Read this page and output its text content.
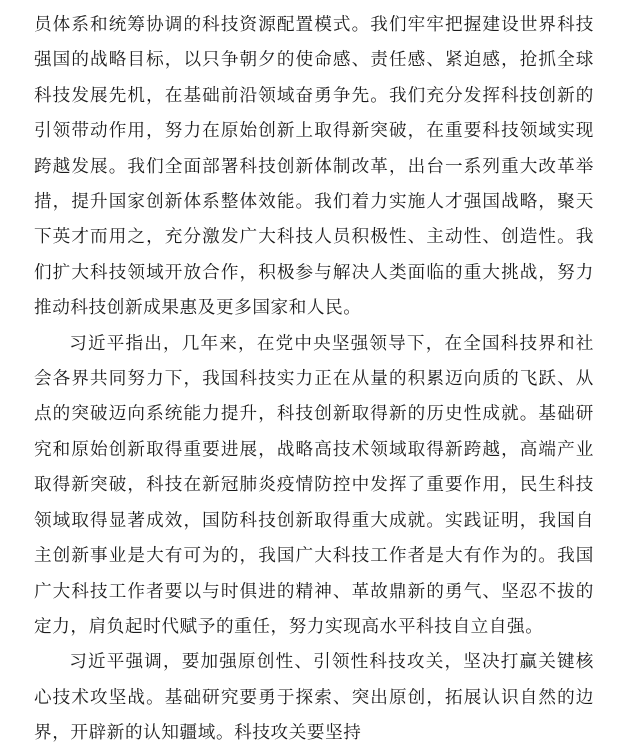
员体系和统筹协调的科技资源配置模式。我们牢牢把握建设世界科技强国的战略目标，以只争朝夕的使命感、责任感、紧迫感，抢抓全球科技发展先机，在基础前沿领域奋勇争先。我们充分发挥科技创新的引领带动作用，努力在原始创新上取得新突破，在重要科技领域实现跨越发展。我们全面部署科技创新体制改革，出台一系列重大改革举措，提升国家创新体系整体效能。我们着力实施人才强国战略，聚天下英才而用之，充分激发广大科技人员积极性、主动性、创造性。我们扩大科技领域开放合作，积极参与解决人类面临的重大挑战，努力推动科技创新成果惠及更多国家和人民。

习近平指出，几年来，在党中央坚强领导下，在全国科技界和社会各界共同努力下，我国科技实力正在从量的积累迈向质的飞跃、从点的突破迈向系统能力提升，科技创新取得新的历史性成就。基础研究和原始创新取得重要进展，战略高技术领域取得新跨越，高端产业取得新突破，科技在新冠肺炎疫情防控中发挥了重要作用，民生科技领域取得显著成效，国防科技创新取得重大成就。实践证明，我国自主创新事业是大有可为的，我国广大科技工作者是大有作为的。我国广大科技工作者要以与时俱进的精神、革故鼎新的勇气、坚忍不拔的定力，肩负起时代赋予的重任，努力实现高水平科技自立自强。

习近平强调，要加强原创性、引领性科技攻关，坚决打赢关键核心技术攻坚战。基础研究要勇于探索、突出原创，拓展认识自然的边界，开辟新的认知疆域。科技攻关要坚持
